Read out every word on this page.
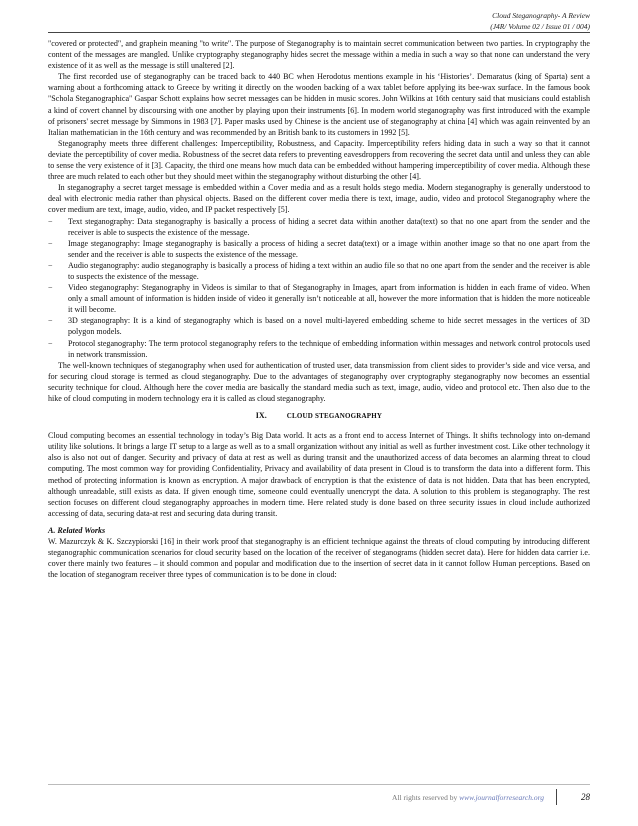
Cloud Steganography- A Review
(J4R/ Volume 02 / Issue 01 / 004)

"covered or protected", and graphein meaning "to write". The purpose of Steganography is to maintain secret communication between two parties. In cryptography the content of the messages are mangled. Unlike cryptography steganography hides secret the message within a media in such a way so that none can understand the very existence of it as well as the message is still unaltered [2].

The first recorded use of steganography can be traced back to 440 BC when Herodotus mentions example in his ‘Histories’. Demaratus (king of Sparta) sent a warning about a forthcoming attack to Greece by writing it directly on the wooden backing of a wax tablet before applying its bee-wax surface. In the famous book "Schola Steganographica" Gaspar Schott explains how secret messages can be hidden in music scores. John Wilkins at 16th century said that musicians could establish a kind of covert channel by discoursing with one another by playing upon their instruments [6]. In modern world steganography was first introduced with the example of prisoners' secret message by Simmons in 1983 [7]. Paper masks used by Chinese is the ancient use of steganography at china [4] which was again reinvented by an Italian mathematician in the 16th century and was recommended by an British bank to its customers in 1992 [5].

Steganography meets three different challenges: Imperceptibility, Robustness, and Capacity. Imperceptibility refers hiding data in such a way so that it cannot deviate the perceptibility of cover media. Robustness of the secret data refers to preventing eavesdroppers from recovering the secret data until and unless they can able to sense the very existence of it [3]. Capacity, the third one means how much data can be embedded without hampering imperceptibility of cover media. Although these three are much related to each other but they should meet within the steganography without disturbing the other [4].

In steganography a secret target message is embedded within a Cover media and as a result holds stego media. Modern steganography is generally understood to deal with electronic media rather than physical objects. Based on the different cover media there is text, image, audio, video and protocol Steganography where the cover medium are text, image, audio, video, and IP packet respectively [5].

− Text steganography: Data steganography is basically a process of hiding a secret data within another data(text) so that no one apart from the sender and the receiver is able to suspects the existence of the message.
− Image steganography: Image steganography is basically a process of hiding a secret data(text) or a image within another image so that no one apart from the sender and the receiver is able to suspects the existence of the message.
− Audio steganography: audio steganography is basically a process of hiding a text within an audio file so that no one apart from the sender and the receiver is able to suspects the existence of the message.
− Video steganography: Steganography in Videos is similar to that of Steganography in Images, apart from information is hidden in each frame of video. When only a small amount of information is hidden inside of video it generally isn’t noticeable at all, however the more information that is hidden the more noticeable it will become.
− 3D steganography: It is a kind of steganography which is based on a novel multi-layered embedding scheme to hide secret messages in the vertices of 3D polygon models.
− Protocol steganography: The term protocol steganography refers to the technique of embedding information within messages and network control protocols used in network transmission.

The well-known techniques of steganography when used for authentication of trusted user, data transmission from client sides to provider’s side and vice versa, and for securing cloud storage is termed as cloud steganography. Due to the advantages of steganography over cryptography steganography now becomes an essential security technique for cloud. Although here the cover media are basically the standard media such as text, image, audio, video and protocol etc. Then also due to the hike of cloud computing in modern technology era it is called as cloud steganography.

IX.	CLOUD STEGANOGRAPHY

Cloud computing becomes an essential technology in today’s Big Data world. It acts as a front end to access Internet of Things. It shifts technology into on-demand utility like solutions. It brings a large IT setup to a large as well as to a small organization without any initial as well as further investment cost. Like other technology it also is also not out of danger. Security and privacy of data at rest as well as during transit and the unauthorized access of data becomes an alarming threat to cloud computing. The most common way for providing Confidentiality, Privacy and availability of data present in Cloud is to transform the data into a different form. This method of protecting information is known as encryption. A major drawback of encryption is that the existence of data is not hidden. Data that has been encrypted, although unreadable, still exists as data. If given enough time, someone could eventually unencrypt the data. A solution to this problem is steganography. The rest section focuses on different cloud steganography approaches in modern time. Here related study is done based on three security issues in cloud include authorized accessing of data, securing data-at rest and securing data during transit.

A. Related Works

W. Mazurczyk & K. Szczypiorski [16] in their work proof that steganography is an efficient technique against the threats of cloud computing by introducing different steganographic communication scenarios for cloud security based on the location of the receiver of steganograms (hidden secret data). Here for hidden data carrier i.e. cover there mainly two features – it should common and popular and modification due to the insertion of secret data in it cannot follow Human perceptions. Based on the location of steganogram receiver three types of communication is to be done in cloud:

All rights reserved by www.journalforresearch.org	28
